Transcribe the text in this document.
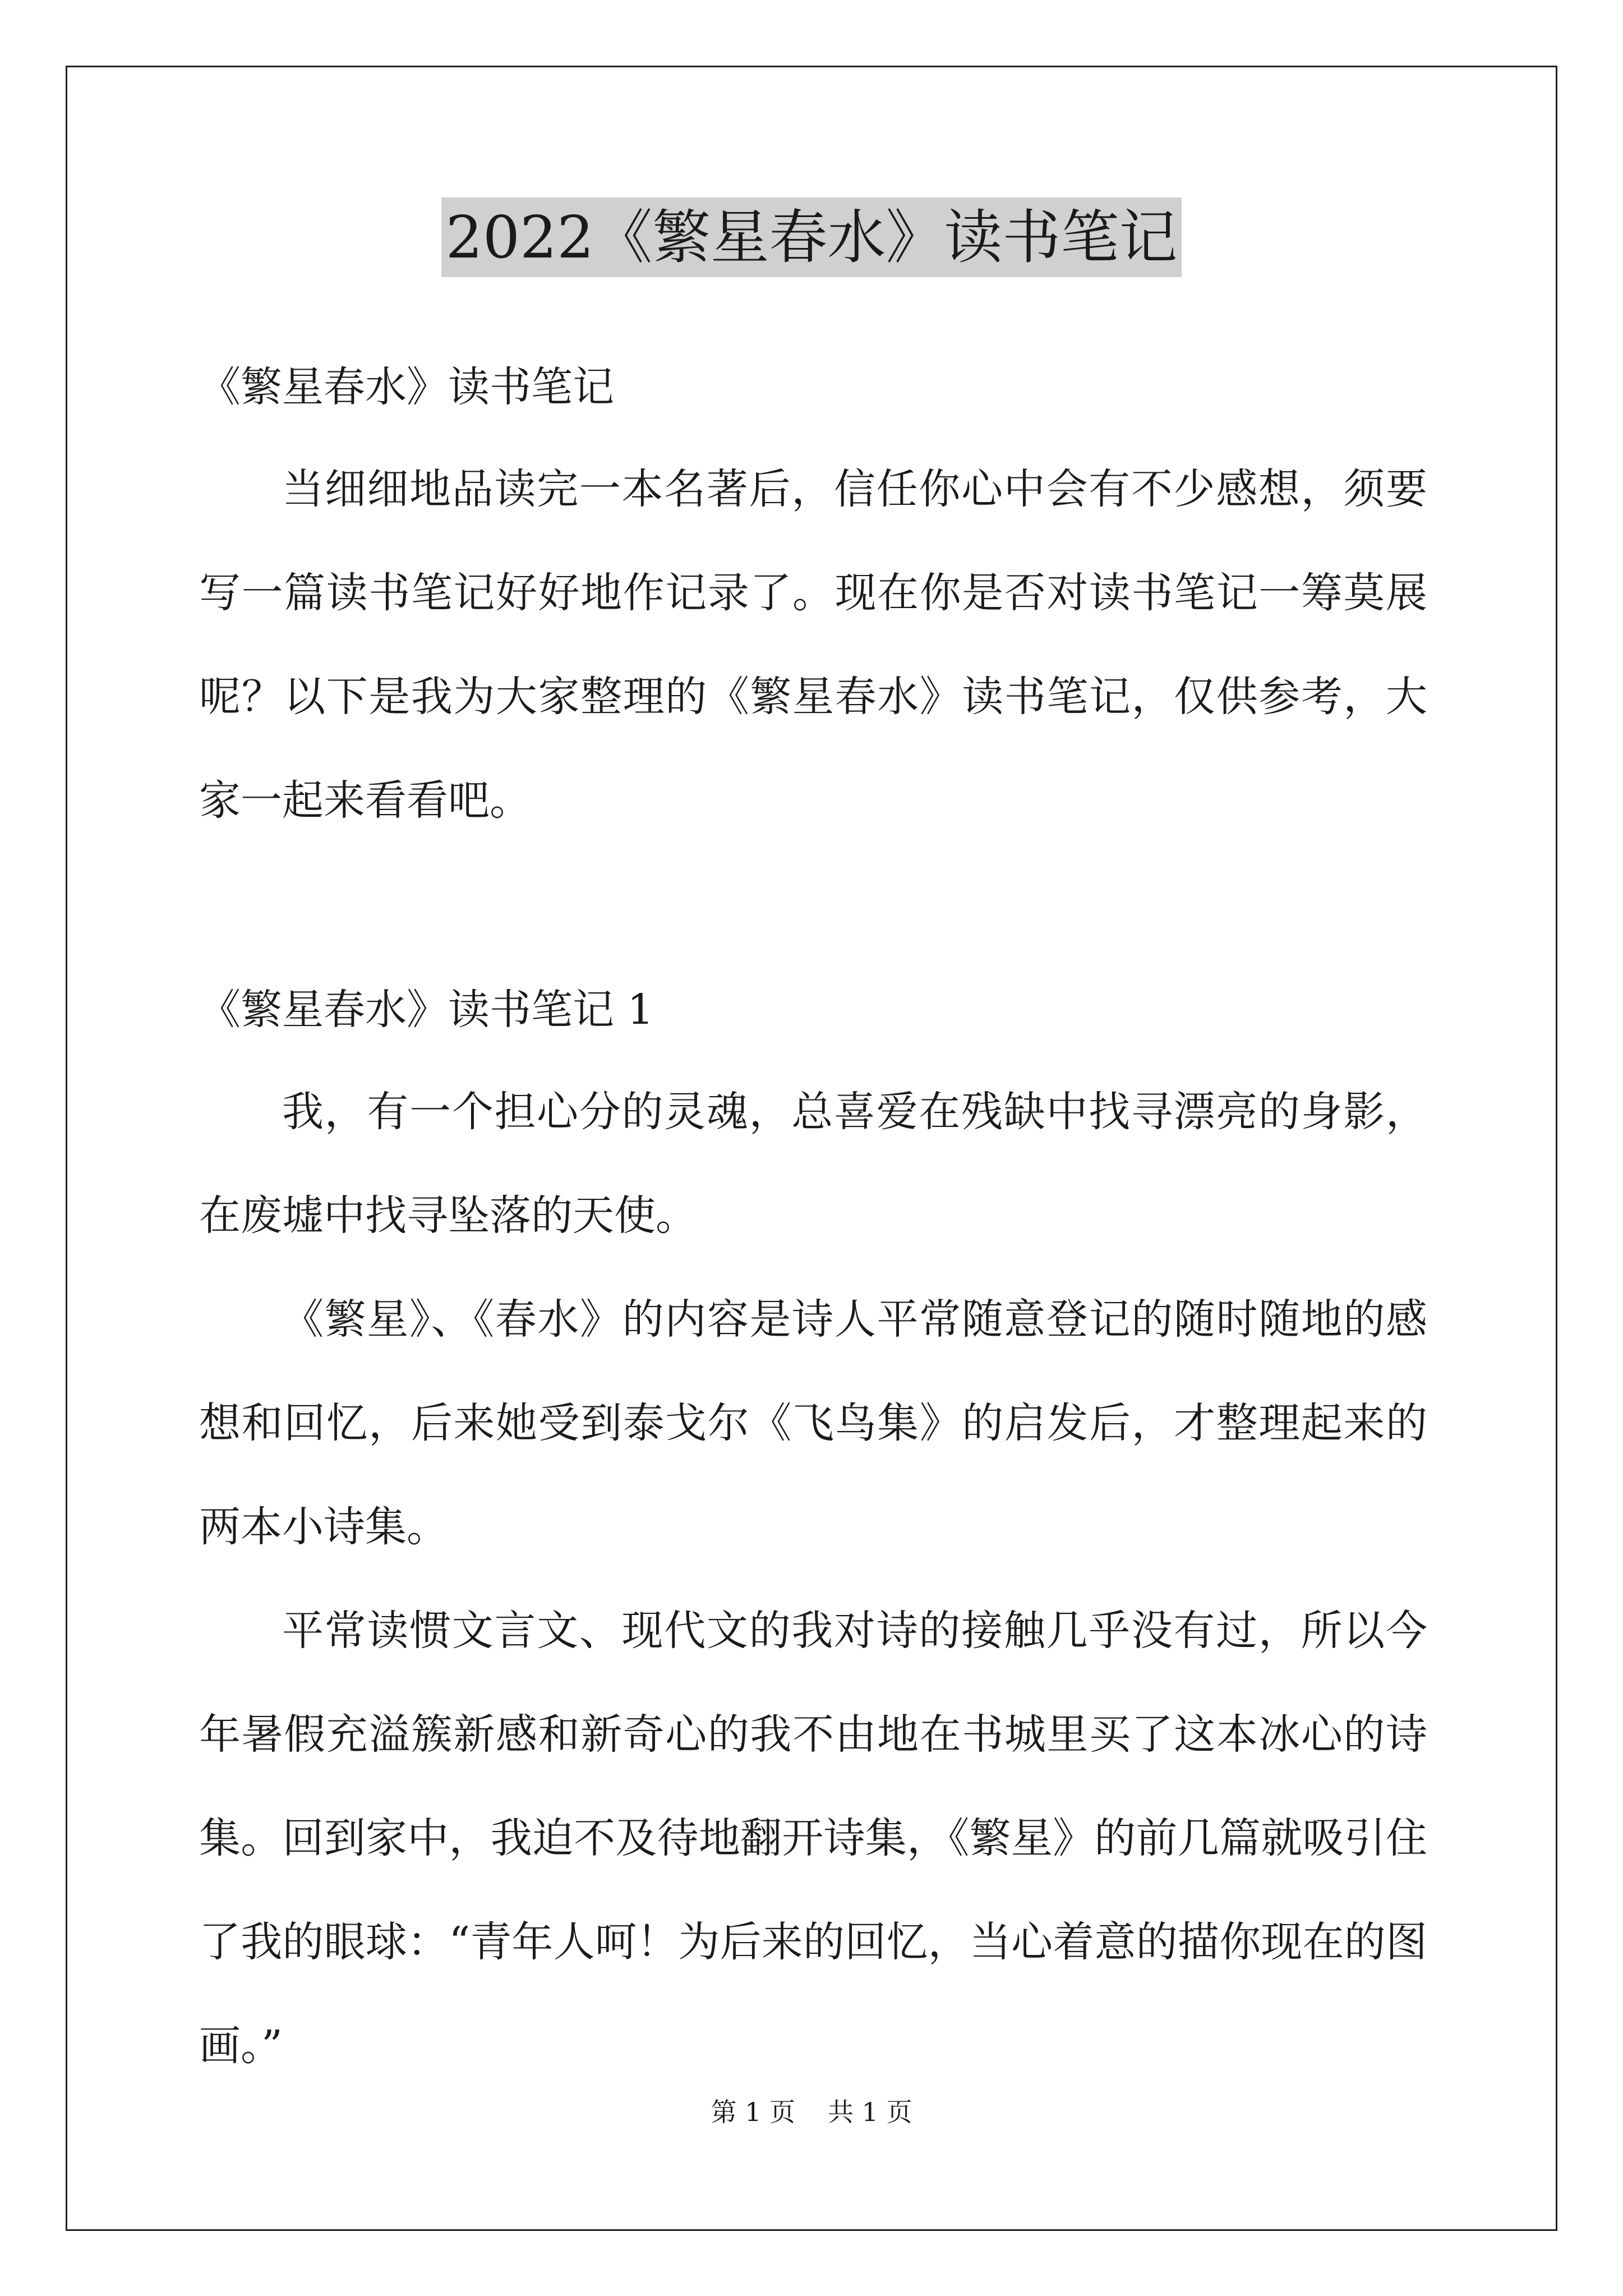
2022《繁星春水》读书笔记

《繁星春水》读书笔记

当细细地品读完一本名著后，信任你心中会有不少感想，须要写一篇读书笔记好好地作记录了。现在你是否对读书笔记一筹莫展呢？以下是我为大家整理的《繁星春水》读书笔记，仅供参考，大家一起来看看吧。

《繁星春水》读书笔记 1

我，有一个担心分的灵魂，总喜爱在残缺中找寻漂亮的身影，在废墟中找寻坠落的天使。

《繁星》、《春水》的内容是诗人平常随意登记的随时随地的感想和回忆，后来她受到泰戈尔《飞鸟集》的启发后，才整理起来的两本小诗集。

平常读惯文言文、现代文的我对诗的接触几乎没有过，所以今年暑假充溢簇新感和新奇心的我不由地在书城里买了这本冰心的诗集。回到家中，我迫不及待地翻开诗集，《繁星》的前几篇就吸引住了我的眼球：“青年人呵！为后来的回忆，当心着意的描你现在的图画。”

第 1 页 共 1 页
